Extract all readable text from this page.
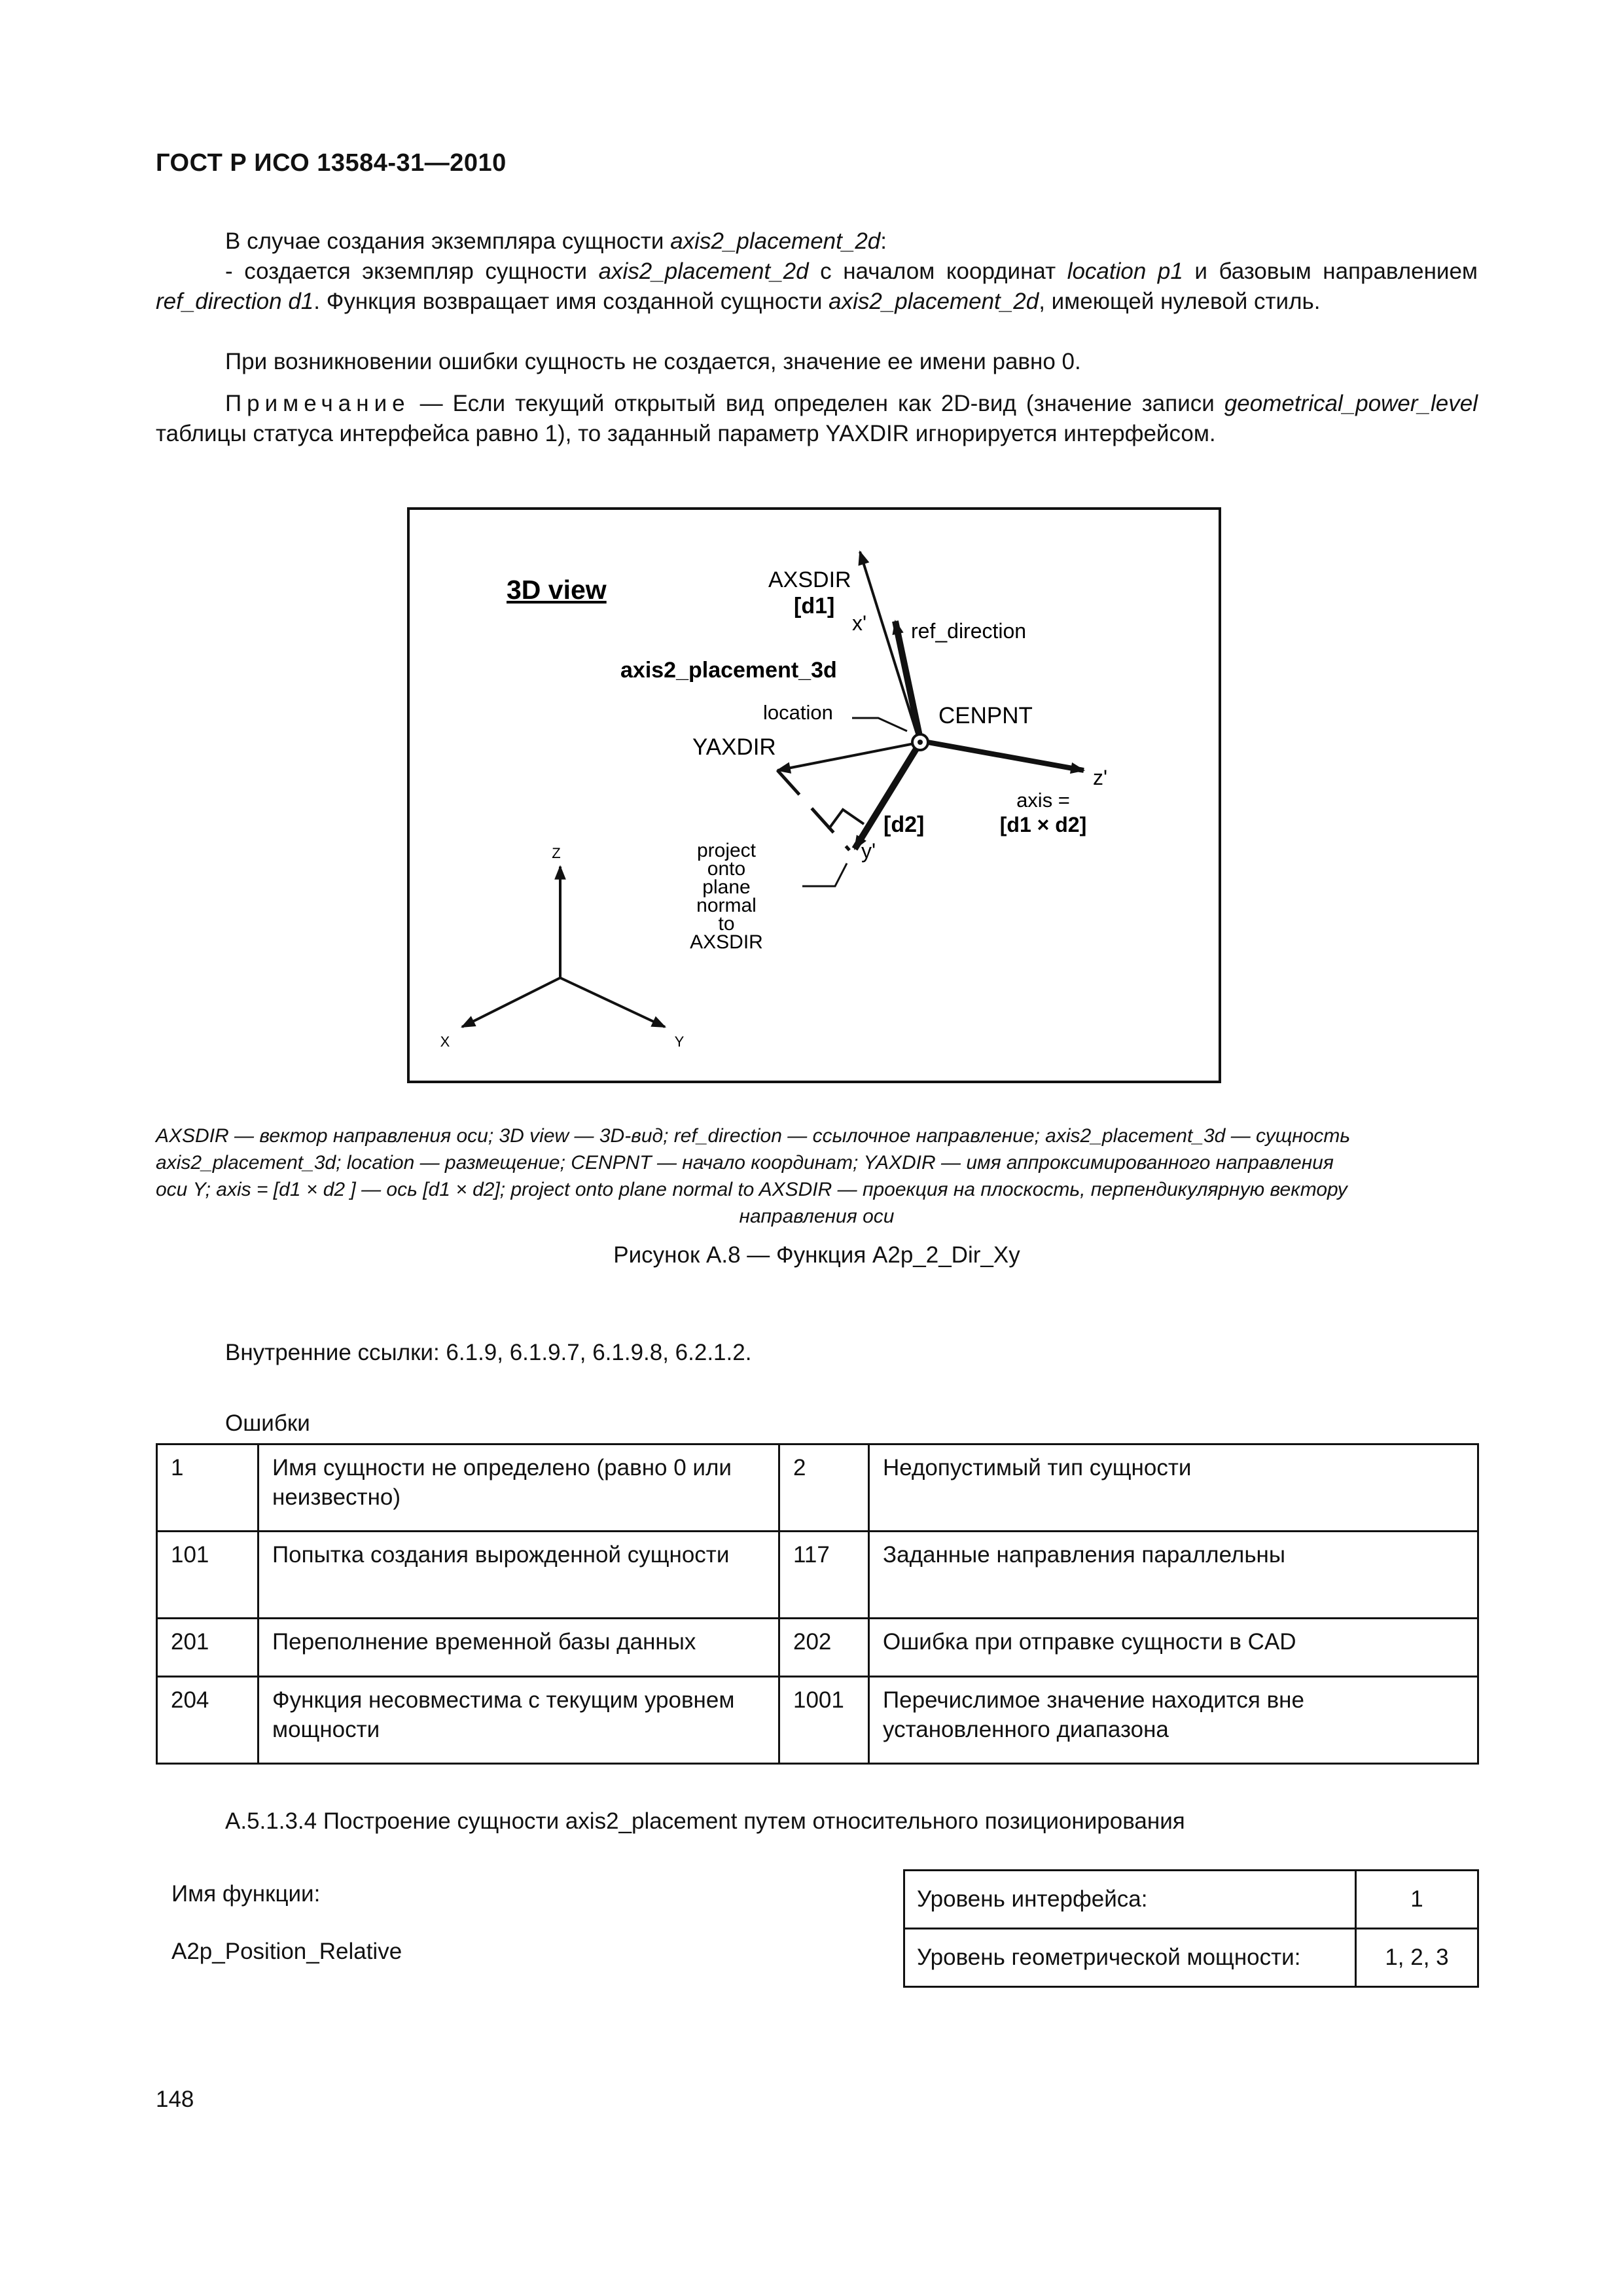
ГОСТ Р ИСО 13584-31—2010
В случае создания экземпляра сущности axis2_placement_2d:
- создается экземпляр сущности axis2_placement_2d с началом координат location p1 и базовым направлением ref_direction d1. Функция возвращает имя созданной сущности axis2_placement_2d, имеющей нулевой стиль.
При возникновении ошибки сущность не создается, значение ее имени равно 0.
Примечание — Если текущий открытый вид определен как 2D-вид (значение записи geometrical_power_level таблицы статуса интерфейса равно 1), то заданный параметр YAXDIR игнорируется интерфейсом.
3D view	AXSDIR
[d1]
x' ref_direction
axis2_placement_3d
location	CENPNT
YAXDIR
z'
axis =
[d1 × d2]
[d2]
y'
project
onto
plane
normal
to
AXSDIR
Z
X	Y
AXSDIR — вектор направления оси; 3D view — 3D-вид; ref_direction — ссылочное направление; axis2_placement_3d — сущность
axis2_placement_3d; location — размещение; CENPNT — начало координат; YAXDIR — имя аппроксимированного направления
оси Y; axis = [d1 × d2 ] — ось [d1 × d2]; project onto plane normal to AXSDIR — проекция на плоскость, перпендикулярную вектору
направления оси
Рисунок А.8 — Функция A2p_2_Dir_Xy
Внутренние ссылки: 6.1.9, 6.1.9.7, 6.1.9.8, 6.2.1.2.
Ошибки
1	Имя сущности не определено (равно 0 или неизвестно)	2	Недопустимый тип сущности
101	Попытка создания вырожденной сущности	117	Заданные направления параллельны
201	Переполнение временной базы данных	202	Ошибка при отправке сущности в CAD
204	Функция несовместима с текущим уровнем мощности	1001	Перечислимое значение находится вне установленного диапазона
А.5.1.3.4 Построение сущности axis2_placement путем относительного позиционирования
Имя функции:
A2p_Position_Relative
Уровень интерфейса:	1
Уровень геометрической мощности:	1, 2, 3
148
